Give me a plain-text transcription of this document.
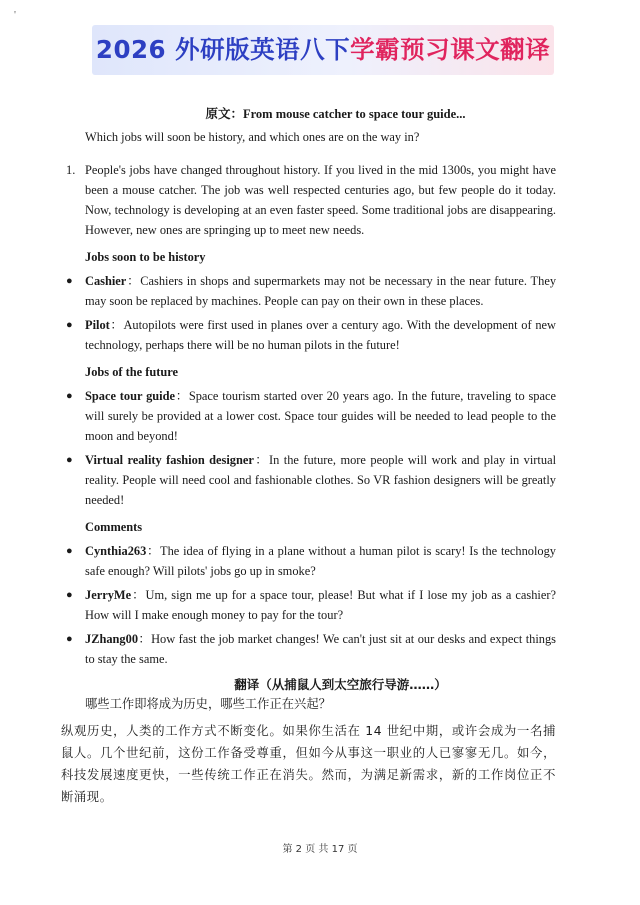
'
2026 外研版英语八下学霸预习课文翻译
原文：From mouse catcher to space tour guide...
Which jobs will soon be history, and which ones are on the way in?
1. People's jobs have changed throughout history. If you lived in the mid 1300s, you might have been a mouse catcher. The job was well respected centuries ago, but few people do it today. Now, technology is developing at an even faster speed. Some traditional jobs are disappearing. However, new ones are springing up to meet new needs.
Jobs soon to be history
● Cashier：Cashiers in shops and supermarkets may not be necessary in the near future. They may soon be replaced by machines. People can pay on their own in these places.
● Pilot：Autopilots were first used in planes over a century ago. With the development of new technology, perhaps there will be no human pilots in the future!
Jobs of the future
● Space tour guide：Space tourism started over 20 years ago. In the future, traveling to space will surely be provided at a lower cost. Space tour guides will be needed to lead people to the moon and beyond!
● Virtual reality fashion designer：In the future, more people will work and play in virtual reality. People will need cool and fashionable clothes. So VR fashion designers will be greatly needed!
Comments
● Cynthia263：The idea of flying in a plane without a human pilot is scary! Is the technology safe enough? Will pilots' jobs go up in smoke?
● JerryMe：Um, sign me up for a space tour, please! But what if I lose my job as a cashier? How will I make enough money to pay for the tour?
● JZhang00：How fast the job market changes! We can't just sit at our desks and expect things to stay the same.
翻译（从捕鼠人到太空旅行导游……）
哪些工作即将成为历史，哪些工作正在兴起？
纵观历史，人类的工作方式不断变化。如果你生活在 14 世纪中期，或许会成为一名捕鼠人。几个世纪前，这份工作备受尊重，但如今从事这一职业的人已寥寥无几。如今，科技发展速度更快，一些传统工作正在消失。然而，为满足新需求，新的工作岗位正不断涌现。
第 2 页 共 17 页
